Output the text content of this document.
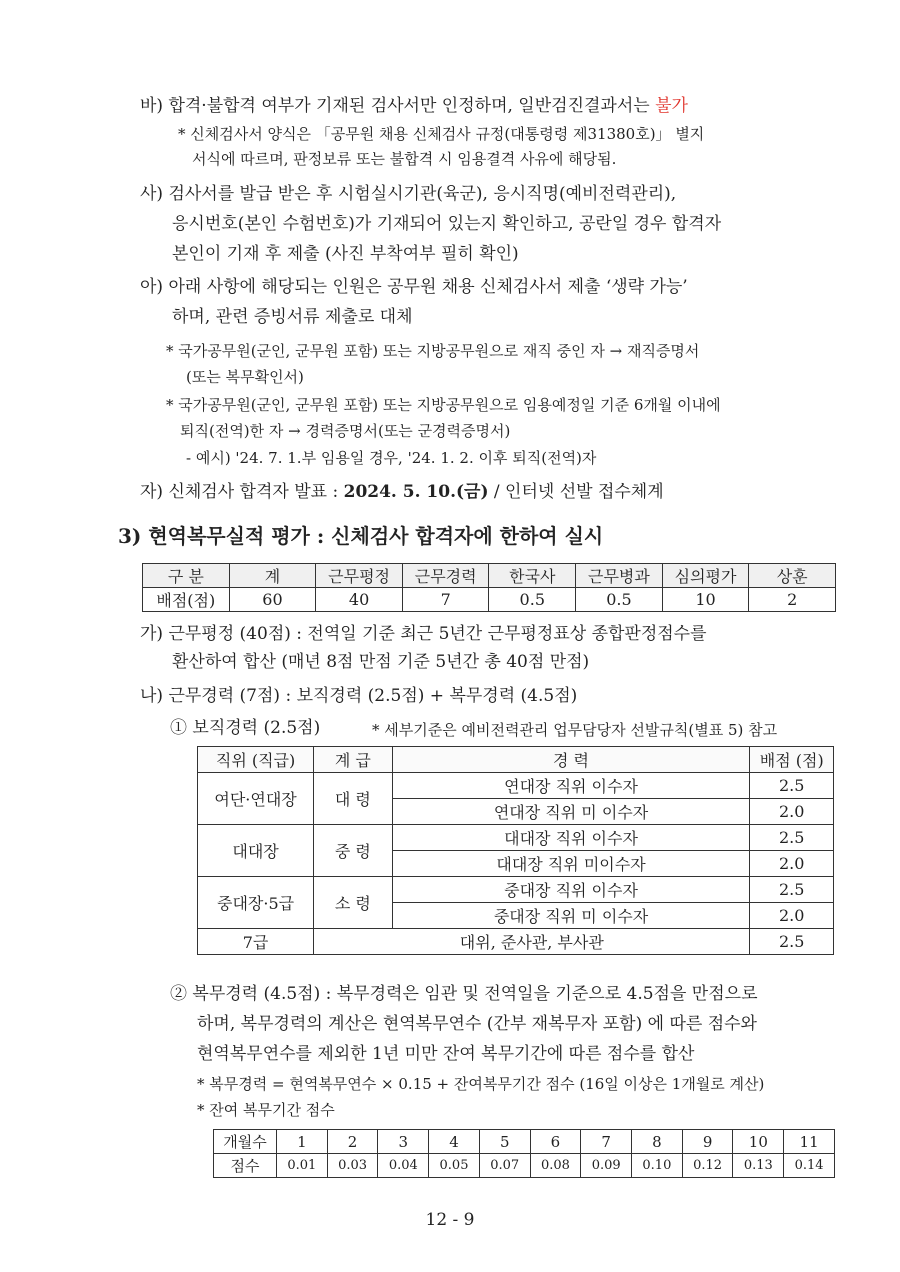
바) 합격·불합격 여부가 기재된 검사서만 인정하며, 일반검진결과서는 불가
* 신체검사서 양식은 「공무원 채용 신체검사 규정(대통령령 제31380호)」 별지
서식에 따르며, 판정보류 또는 불합격 시 임용결격 사유에 해당됨.
사) 검사서를 발급 받은 후 시험실시기관(육군), 응시직명(예비전력관리),
응시번호(본인 수험번호)가 기재되어 있는지 확인하고, 공란일 경우 합격자
본인이 기재 후 제출 (사진 부착여부 필히 확인)
아) 아래 사항에 해당되는 인원은 공무원 채용 신체검사서 제출 ‘생략 가능’
하며, 관련 증빙서류 제출로 대체
* 국가공무원(군인, 군무원 포함) 또는 지방공무원으로 재직 중인 자 → 재직증명서
(또는 복무확인서)
* 국가공무원(군인, 군무원 포함) 또는 지방공무원으로 임용예정일 기준 6개월 이내에
퇴직(전역)한 자 → 경력증명서(또는 군경력증명서)
- 예시) '24. 7. 1.부 임용일 경우, '24. 1. 2. 이후 퇴직(전역)자
자) 신체검사 합격자 발표 : 2024. 5. 10.(금) / 인터넷 선발 접수체계
3) 현역복무실적 평가 : 신체검사 합격자에 한하여 실시
구 분	계	근무평정	근무경력	한국사	근무병과	심의평가	상훈
배점(점)	60	40	7	0.5	0.5	10	2
가) 근무평정 (40점) : 전역일 기준 최근 5년간 근무평정표상 종합판정점수를
환산하여 합산 (매년 8점 만점 기준 5년간 총 40점 만점)
나) 근무경력 (7점) : 보직경력 (2.5점) + 복무경력 (4.5점)
① 보직경력 (2.5점)	* 세부기준은 예비전력관리 업무담당자 선발규칙(별표 5) 참고
직위 (직급)	계 급	경 력	배점 (점)
여단·연대장	대 령	연대장 직위 이수자	2.5
		연대장 직위 미 이수자	2.0
대대장	중 령	대대장 직위 이수자	2.5
		대대장 직위 미이수자	2.0
중대장·5급	소 령	중대장 직위 이수자	2.5
		중대장 직위 미 이수자	2.0
7급	대위, 준사관, 부사관		2.5
② 복무경력 (4.5점) : 복무경력은 임관 및 전역일을 기준으로 4.5점을 만점으로
하며, 복무경력의 계산은 현역복무연수 (간부 재복무자 포함) 에 따른 점수와
현역복무연수를 제외한 1년 미만 잔여 복무기간에 따른 점수를 합산
* 복무경력 = 현역복무연수 × 0.15 + 잔여복무기간 점수 (16일 이상은 1개월로 계산)
* 잔여 복무기간 점수
개월수	1	2	3	4	5	6	7	8	9	10	11
점수	0.01	0.03	0.04	0.05	0.07	0.08	0.09	0.10	0.12	0.13	0.14
12 - 9
